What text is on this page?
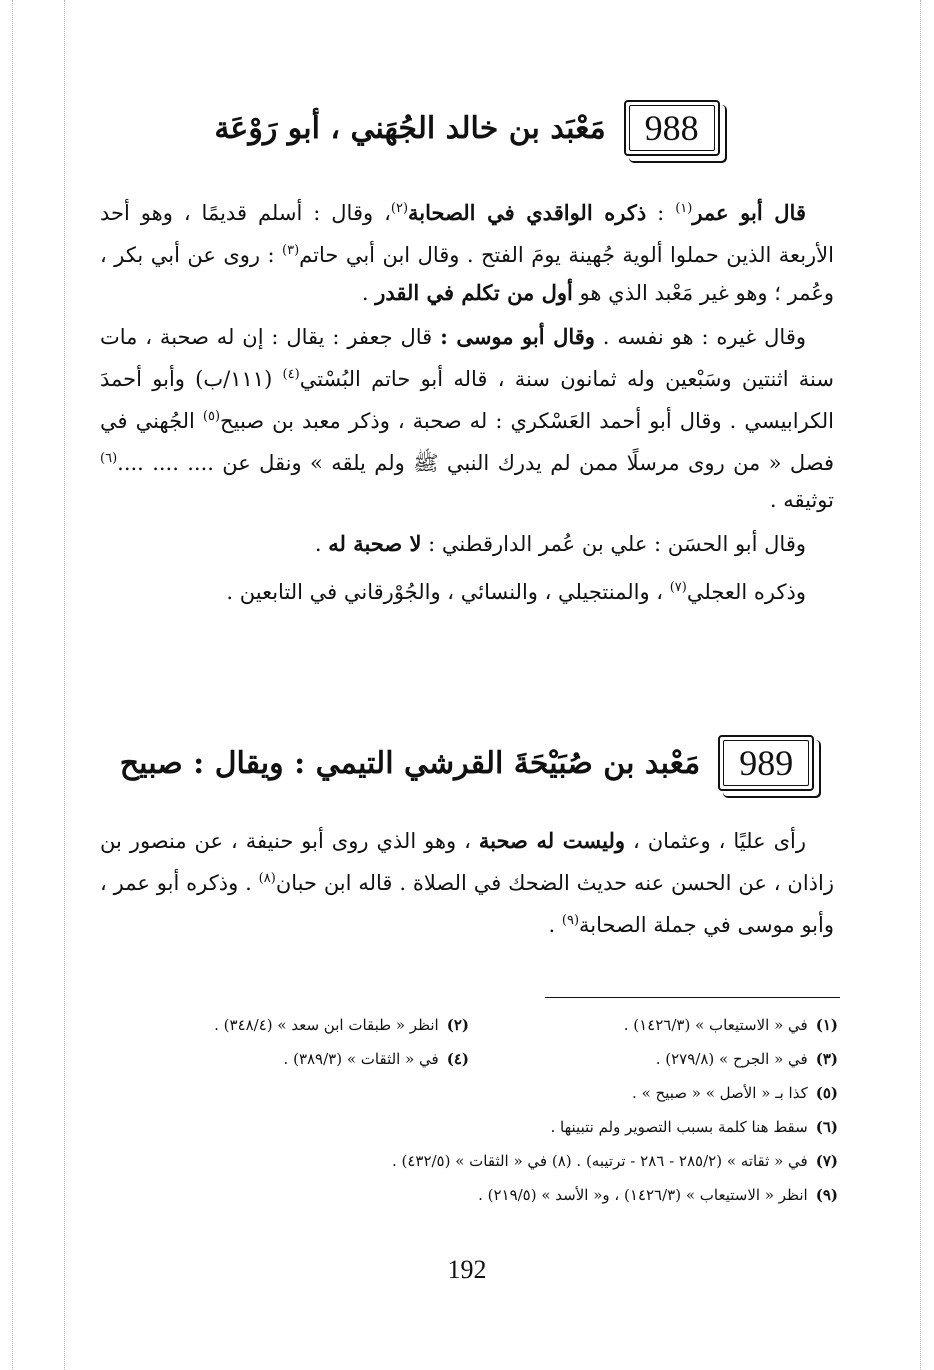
988
مَعْبَد بن خالد الجُهَني ، أبو رَوْعَة

قال أبو عمر$^{(١)}$ : ذكره الواقدي في الصحابة$^{(٢)}$، وقال : أسلم قديمًا ، وهو أحد الأربعة الذين حملوا ألوية جُهينة يومَ الفتح . وقال ابن أبي حاتم$^{(٣)}$ : روى عن أبي بكر ، وعُمر ؛ وهو غير مَعْبد الذي هو أول من تكلم في القدر .

وقال غيره : هو نفسه . وقال أبو موسى : قال جعفر : يقال : إن له صحبة ، مات سنة اثنتين وسَبْعين وله ثمانون سنة ، قاله أبو حاتم البُسْتي$^{(٤)}$ (١١١/ب) وأبو أحمدَ الكرابيسي . وقال أبو أحمد العَسْكري : له صحبة ، وذكر معبد بن صبيح$^{(٥)}$ الجُهني في فصل « من روى مرسلًا ممن لم يدرك النبي ﷺ ولم يلقه » ونقل عن .... .... ....$^{(٦)}$ توثيقه .

وقال أبو الحسَن : علي بن عُمر الدارقطني : لا صحبة له .

وذكره العجلي$^{(٧)}$ ، والمنتجيلي ، والنسائي ، والجُوْرقاني في التابعين .

989
مَعْبد بن صُبَيْحَةَ القرشي التيمي : ويقال : صبيح

رأى عليًا ، وعثمان ، وليست له صحبة ، وهو الذي روى أبو حنيفة ، عن منصور بن زاذان ، عن الحسن عنه حديث الضحك في الصلاة . قاله ابن حبان$^{(٨)}$ . وذكره أبو عمر ، وأبو موسى في جملة الصحابة$^{(٩)}$ .

(١)في « الاستيعاب » (١٤٢٦/٣) .
(٢)انظر « طبقات ابن سعد » (٣٤٨/٤) .
(٣)في « الجرح » (٢٧٩/٨) .
(٤)في « الثقات » (٣٨٩/٣) .
(٥)كذا بـ « الأصل » « صبيح » .
(٦)سقط هنا كلمة بسبب التصوير ولم نتبينها .
(٧)في « ثقاته » (٢٨٥/٢ - ٢٨٦ - ترتيبه) . (٨) في « الثقات » (٤٣٢/٥) .
(٩)انظر « الاستيعاب » (١٤٢٦/٣) ، و« الأسد » (٢١٩/٥) .
192
